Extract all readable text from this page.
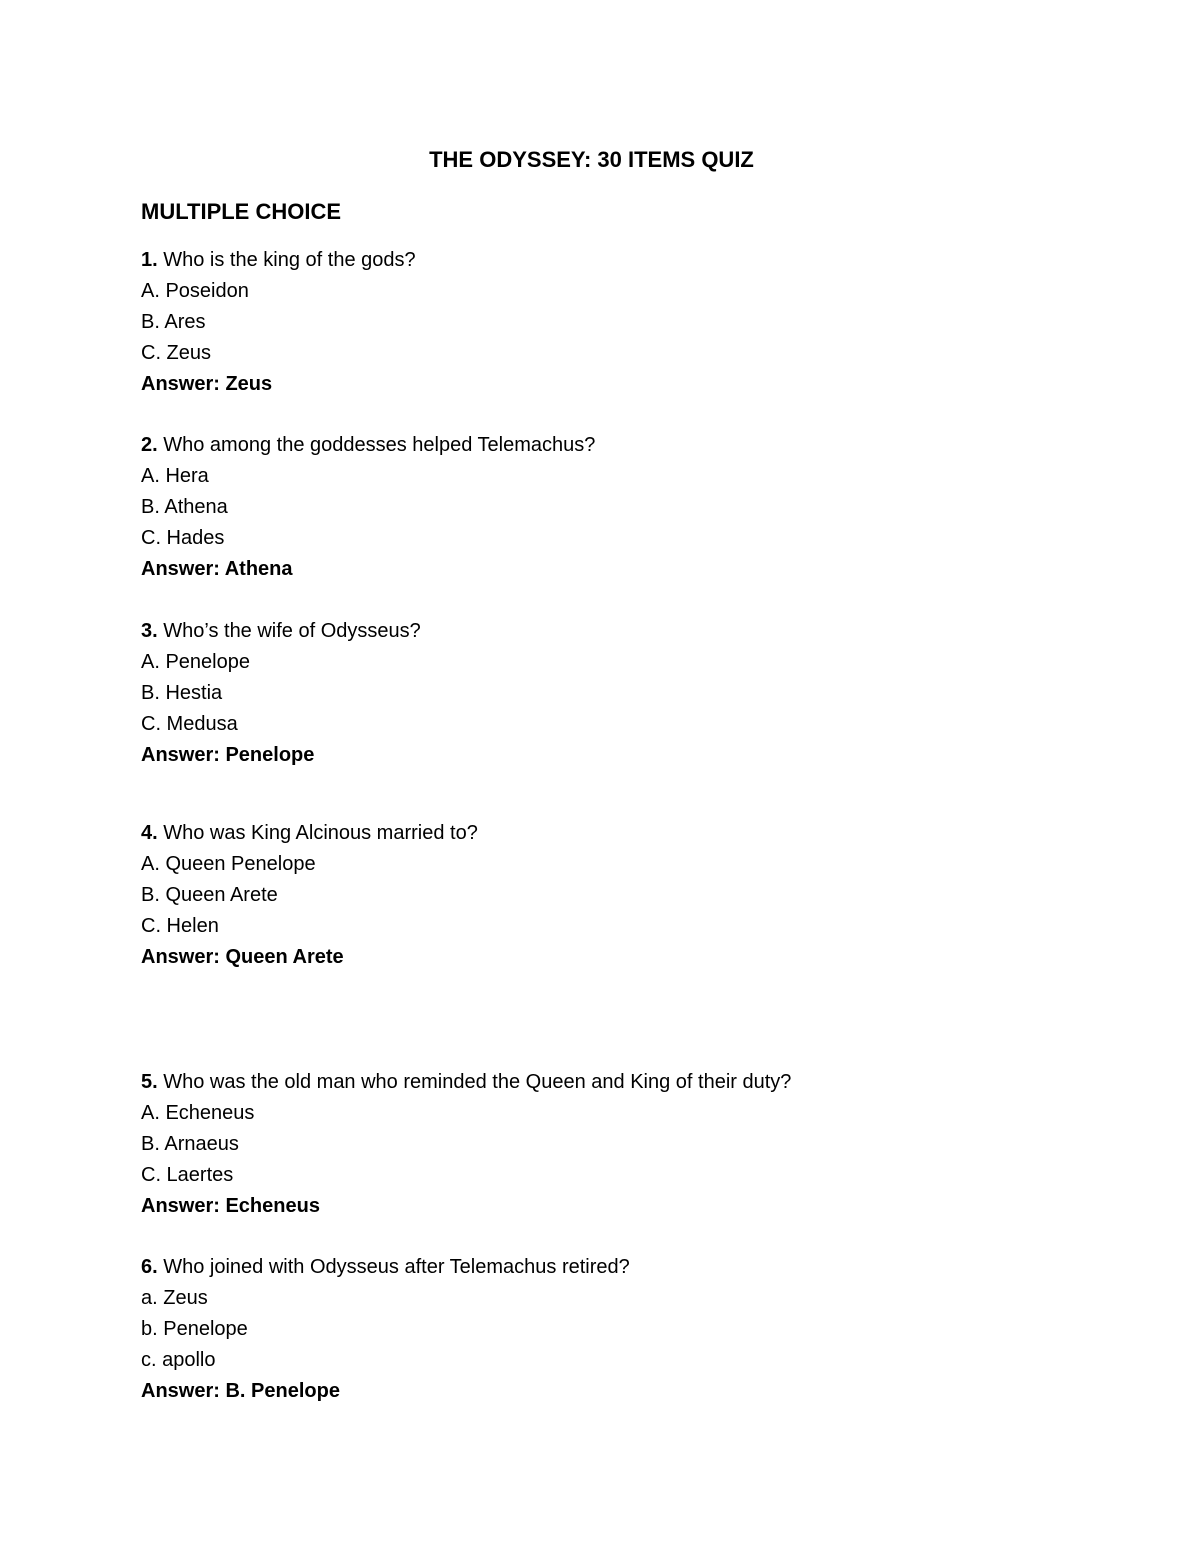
THE ODYSSEY: 30 ITEMS QUIZ
MULTIPLE CHOICE
1. Who is the king of the gods?
A. Poseidon
B. Ares
C. Zeus
Answer: Zeus
2. Who among the goddesses helped Telemachus?
A. Hera
B. Athena
C. Hades
Answer: Athena
3. Who’s the wife of Odysseus?
A. Penelope
B. Hestia
C. Medusa
Answer: Penelope
4. Who was King Alcinous married to?
A. Queen Penelope
B. Queen Arete
C. Helen
Answer: Queen Arete
5. Who was the old man who reminded the Queen and King of their duty?
A. Echeneus
B. Arnaeus
C. Laertes
Answer: Echeneus
6. Who joined with Odysseus after Telemachus retired?
a. Zeus
b. Penelope
c. apollo
Answer: B. Penelope
